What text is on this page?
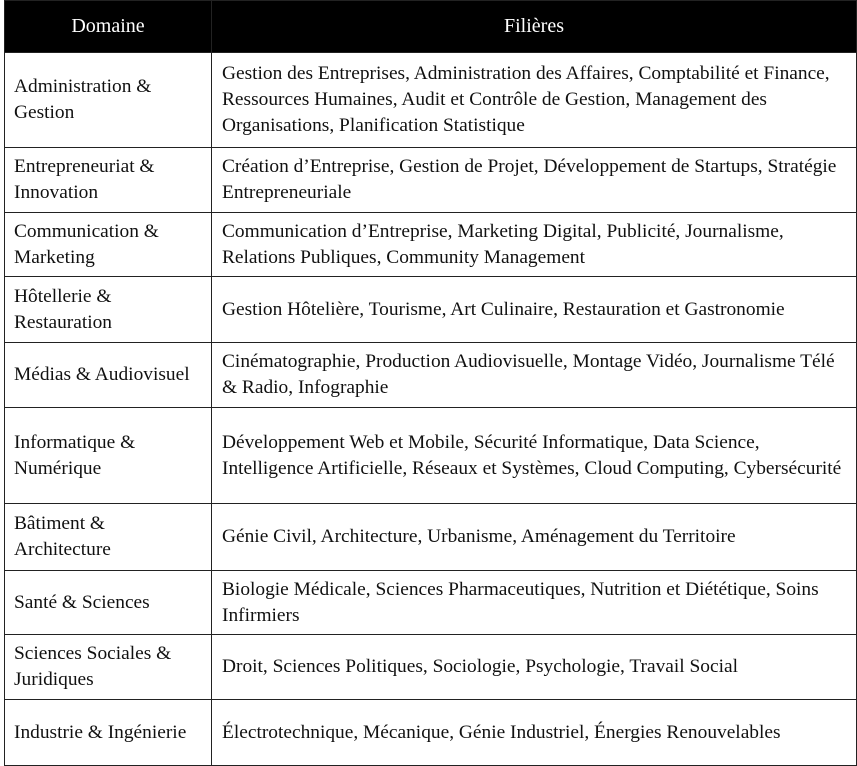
Domaine	Filières
Administration & Gestion	Gestion des Entreprises, Administration des Affaires, Comptabilité et Finance, Ressources Humaines, Audit et Contrôle de Gestion, Management des Organisations, Planification Statistique
Entrepreneuriat & Innovation	Création d’Entreprise, Gestion de Projet, Développement de Startups, Stratégie Entrepreneuriale
Communication & Marketing	Communication d’Entreprise, Marketing Digital, Publicité, Journalisme, Relations Publiques, Community Management
Hôtellerie & Restauration	Gestion Hôtelière, Tourisme, Art Culinaire, Restauration et Gastronomie
Médias & Audiovisuel	Cinématographie, Production Audiovisuelle, Montage Vidéo, Journalisme Télé & Radio, Infographie
Informatique & Numérique	Développement Web et Mobile, Sécurité Informatique, Data Science, Intelligence Artificielle, Réseaux et Systèmes, Cloud Computing, Cybersécurité
Bâtiment & Architecture	Génie Civil, Architecture, Urbanisme, Aménagement du Territoire
Santé & Sciences	Biologie Médicale, Sciences Pharmaceutiques, Nutrition et Diététique, Soins Infirmiers
Sciences Sociales & Juridiques	Droit, Sciences Politiques, Sociologie, Psychologie, Travail Social
Industrie & Ingénierie	Électrotechnique, Mécanique, Génie Industriel, Énergies Renouvelables
